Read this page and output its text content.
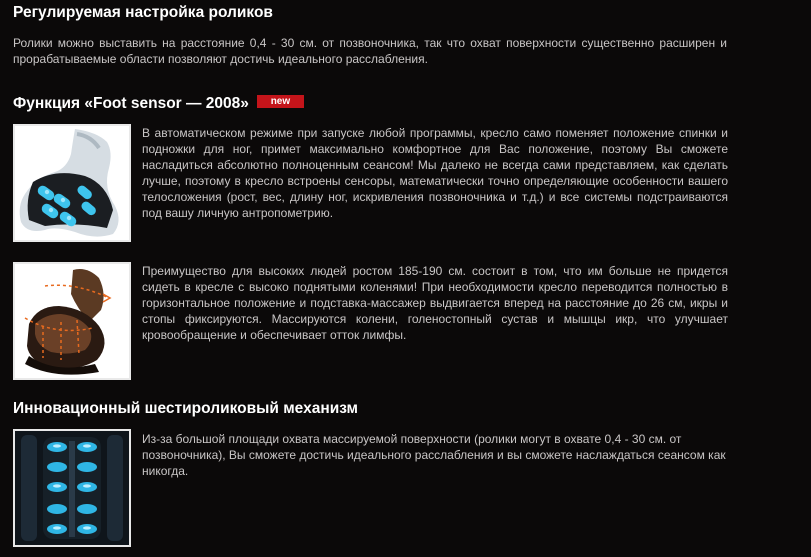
Регулируемая настройка роликов

Ролики можно выставить на расстояние 0,4 - 30 см. от позвоночника, так что охват поверхности существенно расширен и прорабатываемые области позволяют достичь идеального расслабления.

Функция «Foot sensor — 2008» new

В автоматическом режиме при запуске любой программы, кресло само поменяет положение спинки и подножки для ног, примет максимально комфортное для Вас положение, поэтому Вы сможете насладиться абсолютно полноценным сеансом! Мы далеко не всегда сами представляем, как сделать лучше, поэтому в кресло встроены сенсоры, математически точно определяющие особенности вашего телосложения (рост, вес, длину ног, искривления позвоночника и т.д.) и все системы подстраиваются под вашу личную антропометрию.

Преимущество для высоких людей ростом 185-190 см. состоит в том, что им больше не придется сидеть в кресле с высоко поднятыми коленями! При необходимости кресло переводится полностью в горизонтальное положение и подставка-массажер выдвигается вперед на расстояние до 26 см, икры и стопы фиксируются. Массируются колени, голеностопный сустав и мышцы икр, что улучшает кровообращение и обеспечивает отток лимфы.

Инновационный шестироликовый механизм

Из-за большой площади охвата массируемой поверхности (ролики могут в охвате 0,4 - 30 см. от позвоночника), Вы сможете достичь идеального расслабления и вы сможете наслаждаться сеансом как никогда.
